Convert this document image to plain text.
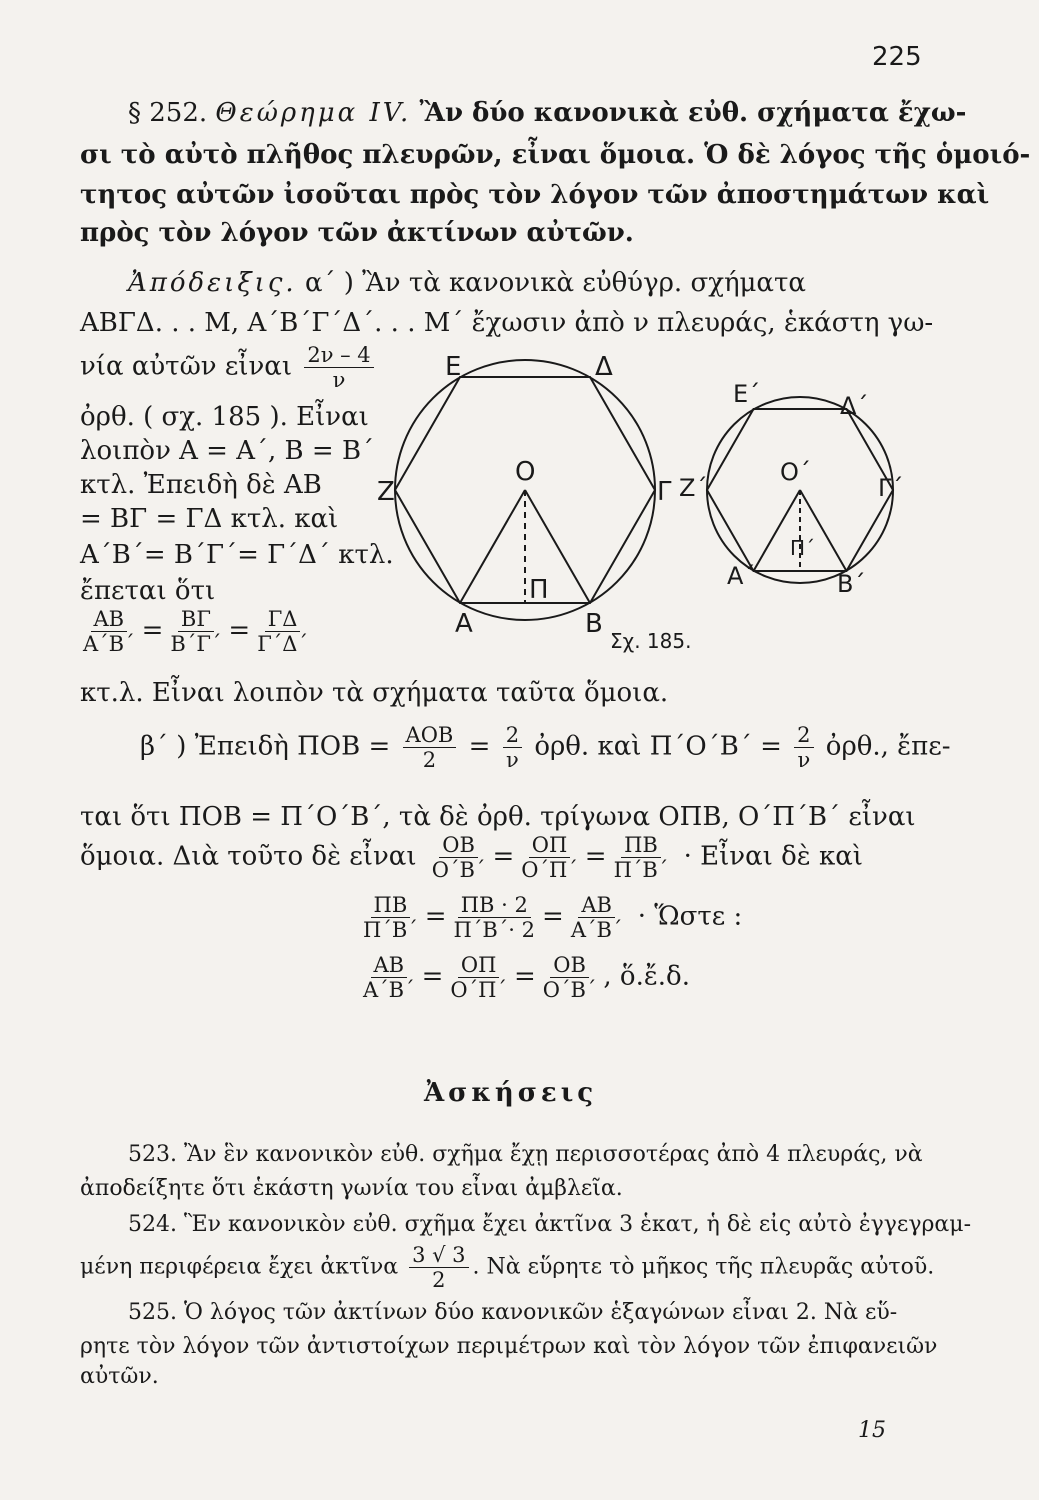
225
§ 252. Θεώρημα IV. Ἂν δύο κανονικὰ εὐθ. σχήματα ἔχω-
σι τὸ αὐτὸ πλῆθος πλευρῶν, εἶναι ὅμοια. Ὁ δὲ λόγος τῆς ὁμοιό-
τητος αὐτῶν ἰσοῦται πρὸς τὸν λόγον τῶν ἀποστημάτων καὶ
πρὸς τὸν λόγον τῶν ἀκτίνων αὐτῶν.
Ἀπόδειξις. α΄ ) Ἂν τὰ κανονικὰ εὐθύγρ. σχήματα
ΑΒΓΔ. . . Μ, Α΄Β΄Γ΄Δ΄. . . Μ΄ ἔχωσιν ἀπὸ ν πλευράς, ἑκάστη γω-
νία αὐτῶν εἶναι $\frac{2\nu - 4}{\nu}$
ὀρθ. ( σχ. 185 ). Εἶναι
λοιπὸν Α = Α΄, Β = Β΄
κτλ. Ἐπειδὴ δὲ ΑΒ
= ΒΓ = ΓΔ κτλ. καὶ
Α΄Β΄= Β΄Γ΄= Γ΄Δ΄ κτλ.
ἔπεται ὅτι
$\frac{AB}{A΄B΄} = \frac{B\Gamma}{B΄\Gamma΄} = \frac{\Gamma\Delta}{\Gamma΄\Delta΄}$
κτ.λ. Εἶναι λοιπὸν τὰ σχήματα ταῦτα ὅμοια.
Ε	Δ
Ζ	Γ
Ο
Π
Α	Β
Ε΄	Δ΄
Ζ΄	Γ΄
Ο΄
Π΄
Α΄	Β΄
Σχ. 185.
β΄ ) Ἐπειδὴ $\Pi OB = \frac{\text{ΑΟΒ}}{2} = \frac{2}{\nu}$ ὀρθ. καὶ $\Pi΄O΄B΄ = \frac{2}{\nu}$ ὀρθ., ἔπε-
ται ὅτι ΠΟΒ = Π΄Ο΄Β΄, τὰ δὲ ὀρθ. τρίγωνα ΟΠΒ, Ο΄Π΄Β΄ εἶναι
ὅμοια. Διὰ τοῦτο δὲ εἶναι $\frac{OB}{O΄B΄} = \frac{O\Pi}{O΄\Pi΄} = \frac{\Pi B}{\Pi΄B΄}$ · Εἶναι δὲ καὶ
$\frac{\Pi B}{\Pi΄B΄} = \frac{\Pi B \cdot 2}{\Pi΄B΄\cdot 2} = \frac{AB}{A΄B΄}$ · Ὥστε :
$\frac{AB}{A΄B΄} = \frac{O\Pi}{O΄\Pi΄} = \frac{OB}{O΄B΄}$ , ὅ.ἔ.δ.
Ἀσκήσεις
523. Ἂν ἓν κανονικὸν εὐθ. σχῆμα ἔχῃ περισσοτέρας ἀπὸ 4 πλευράς, νὰ
ἀποδείξητε ὅτι ἑκάστη γωνία του εἶναι ἀμβλεῖα.
524. Ἓν κανονικὸν εὐθ. σχῆμα ἔχει ἀκτῖνα 3 ἑκατ, ἡ δὲ εἰς αὐτὸ ἐγγεγραμ-
μένη περιφέρεια ἔχει ἀκτῖνα $\frac{3 √ 3}{2}$ . Νὰ εὕρητε τὸ μῆκος τῆς πλευρᾶς αὐτοῦ.
525. Ὁ λόγος τῶν ἀκτίνων δύο κανονικῶν ἑξαγώνων εἶναι 2. Νὰ εὕ-
ρητε τὸν λόγον τῶν ἀντιστοίχων περιμέτρων καὶ τὸν λόγον τῶν ἐπιφανειῶν
αὐτῶν.
15
